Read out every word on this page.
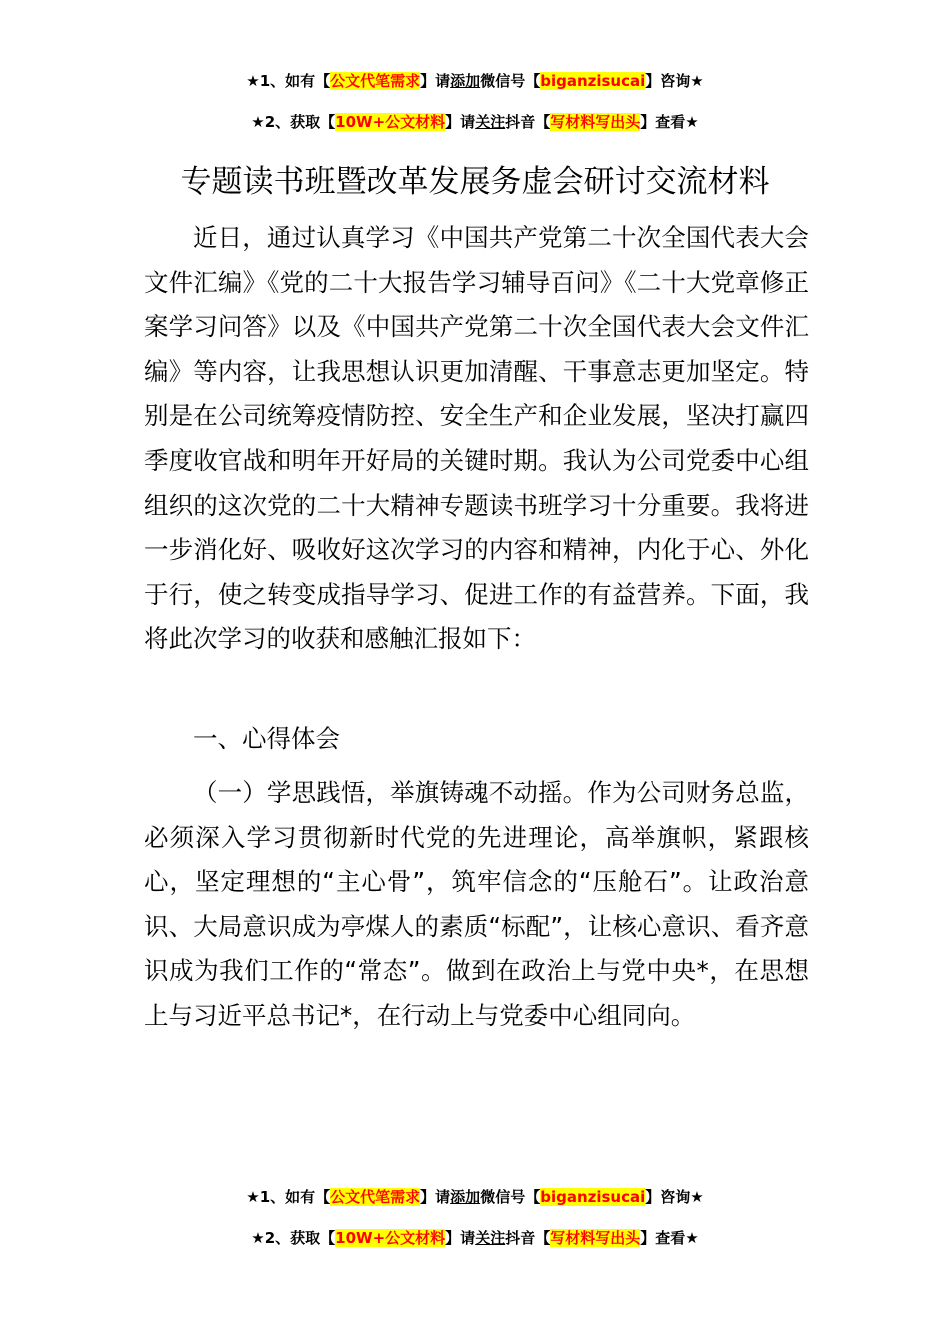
★1、如有【公文代笔需求】请添加微信号【biganzisucai】咨询★
★2、获取【10W+公文材料】请关注抖音【写材料写出头】查看★
专题读书班暨改革发展务虚会研讨交流材料

近日，通过认真学习《中国共产党第二十次全国代表大会文件汇编》《党的二十大报告学习辅导百问》《二十大党章修正案学习问答》以及《中国共产党第二十次全国代表大会文件汇编》等内容，让我思想认识更加清醒、干事意志更加坚定。特别是在公司统筹疫情防控、安全生产和企业发展，坚决打赢四季度收官战和明年开好局的关键时期。我认为公司党委中心组组织的这次党的二十大精神专题读书班学习十分重要。我将进一步消化好、吸收好这次学习的内容和精神，内化于心、外化于行，使之转变成指导学习、促进工作的有益营养。下面，我将此次学习的收获和感触汇报如下：

一、心得体会

（一）学思践悟，举旗铸魂不动摇。作为公司财务总监，必须深入学习贯彻新时代党的先进理论，高举旗帜，紧跟核心，坚定理想的“主心骨”，筑牢信念的“压舱石”。让政治意识、大局意识成为亭煤人的素质“标配”，让核心意识、看齐意识成为我们工作的“常态”。做到在政治上与党中央*，在思想上与习近平总书记*，在行动上与党委中心组同向。

★1、如有【公文代笔需求】请添加微信号【biganzisucai】咨询★
★2、获取【10W+公文材料】请关注抖音【写材料写出头】查看★
